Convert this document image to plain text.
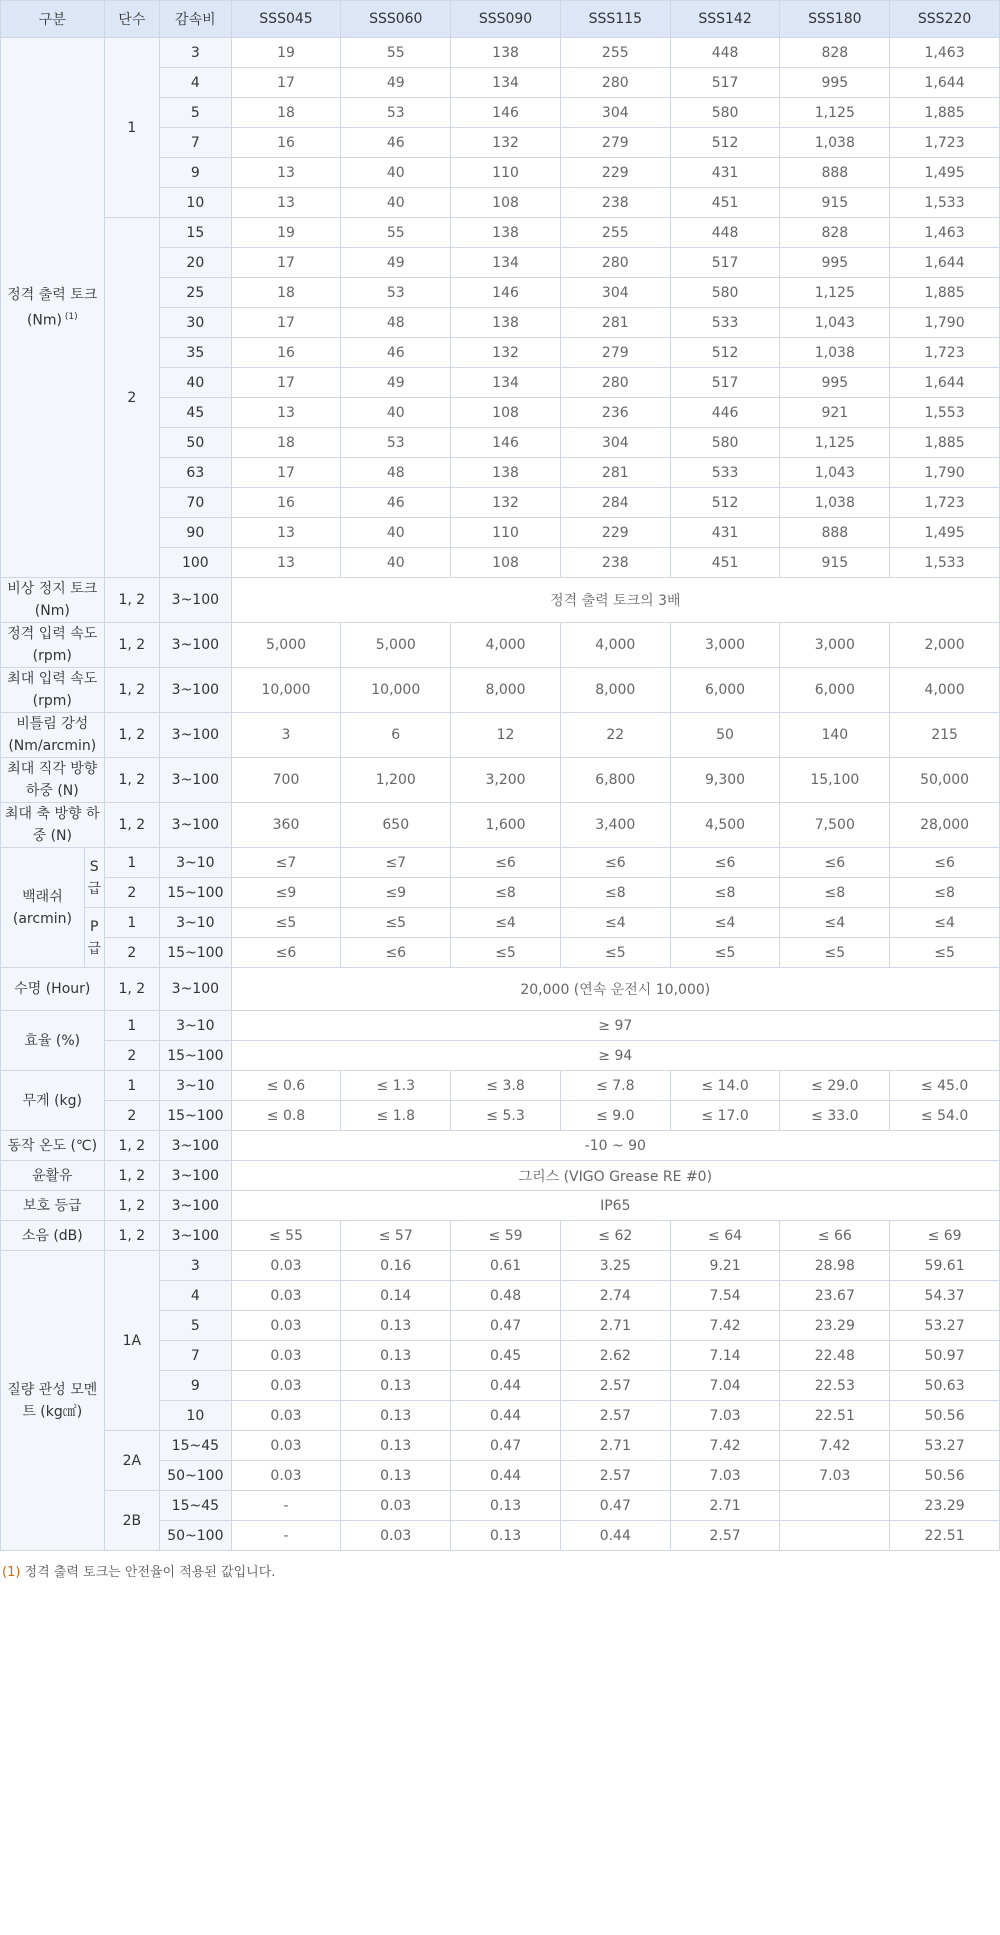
구분		단수	감속비	SSS045	SSS060	SSS090	SSS115	SSS142	SSS180	SSS220
정격 출력 토크 (Nm) $^{(1)}$		1	3	19	55	138	255	448	828	1,463
			4	17	49	134	280	517	995	1,644
			5	18	53	146	304	580	1,125	1,885
			7	16	46	132	279	512	1,038	1,723
			9	13	40	110	229	431	888	1,495
			10	13	40	108	238	451	915	1,533
		2	15	19	55	138	255	448	828	1,463
			20	17	49	134	280	517	995	1,644
			25	18	53	146	304	580	1,125	1,885
			30	17	48	138	281	533	1,043	1,790
			35	16	46	132	279	512	1,038	1,723
			40	17	49	134	280	517	995	1,644
			45	13	40	108	236	446	921	1,553
			50	18	53	146	304	580	1,125	1,885
			63	17	48	138	281	533	1,043	1,790
			70	16	46	132	284	512	1,038	1,723
			90	13	40	110	229	431	888	1,495
			100	13	40	108	238	451	915	1,533
비상 정지 토크 (Nm)		1, 2	3~100	정격 출력 토크의 3배						
정격 입력 속도 (rpm)		1, 2	3~100	5,000	5,000	4,000	4,000	3,000	3,000	2,000
최대 입력 속도 (rpm)		1, 2	3~100	10,000	10,000	8,000	8,000	6,000	6,000	4,000
비틀림 강성 (Nm/arcmin)		1, 2	3~100	3	6	12	22	50	140	215
최대 직각 방향 하중 (N)		1, 2	3~100	700	1,200	3,200	6,800	9,300	15,100	50,000
최대 축 방향 하중 (N)		1, 2	3~100	360	650	1,600	3,400	4,500	7,500	28,000
백래쉬 (arcmin)	S급	1	3~10	≤7	≤7	≤6	≤6	≤6	≤6	≤6
		2	15~100	≤9	≤9	≤8	≤8	≤8	≤8	≤8
	P급	1	3~10	≤5	≤5	≤4	≤4	≤4	≤4	≤4
		2	15~100	≤6	≤6	≤5	≤5	≤5	≤5	≤5
수명 (Hour)		1, 2	3~100	20,000 (연속 운전시 10,000)						
효율 (%)		1	3~10	≥ 97						
		2	15~100	≥ 94						
무게 (kg)		1	3~10	≤ 0.6	≤ 1.3	≤ 3.8	≤ 7.8	≤ 14.0	≤ 29.0	≤ 45.0
		2	15~100	≤ 0.8	≤ 1.8	≤ 5.3	≤ 9.0	≤ 17.0	≤ 33.0	≤ 54.0
동작 온도 (℃)		1, 2	3~100	-10 ~ 90						
윤활유		1, 2	3~100	그리스 (VIGO Grease RE #0)						
보호 등급		1, 2	3~100	IP65						
소음 (dB)		1, 2	3~100	≤ 55	≤ 57	≤ 59	≤ 62	≤ 64	≤ 66	≤ 69
질량 관성 모멘트 (kg㎠)		1A	3	0.03	0.16	0.61	3.25	9.21	28.98	59.61
			4	0.03	0.14	0.48	2.74	7.54	23.67	54.37
			5	0.03	0.13	0.47	2.71	7.42	23.29	53.27
			7	0.03	0.13	0.45	2.62	7.14	22.48	50.97
			9	0.03	0.13	0.44	2.57	7.04	22.53	50.63
			10	0.03	0.13	0.44	2.57	7.03	22.51	50.56
		2A	15~45	0.03	0.13	0.47	2.71	7.42	7.42	53.27
			50~100	0.03	0.13	0.44	2.57	7.03	7.03	50.56
		2B	15~45	-	0.03	0.13	0.47	2.71		23.29
			50~100	-	0.03	0.13	0.44	2.57		22.51
(1) 정격 출력 토크는 안전율이 적용된 값입니다.
